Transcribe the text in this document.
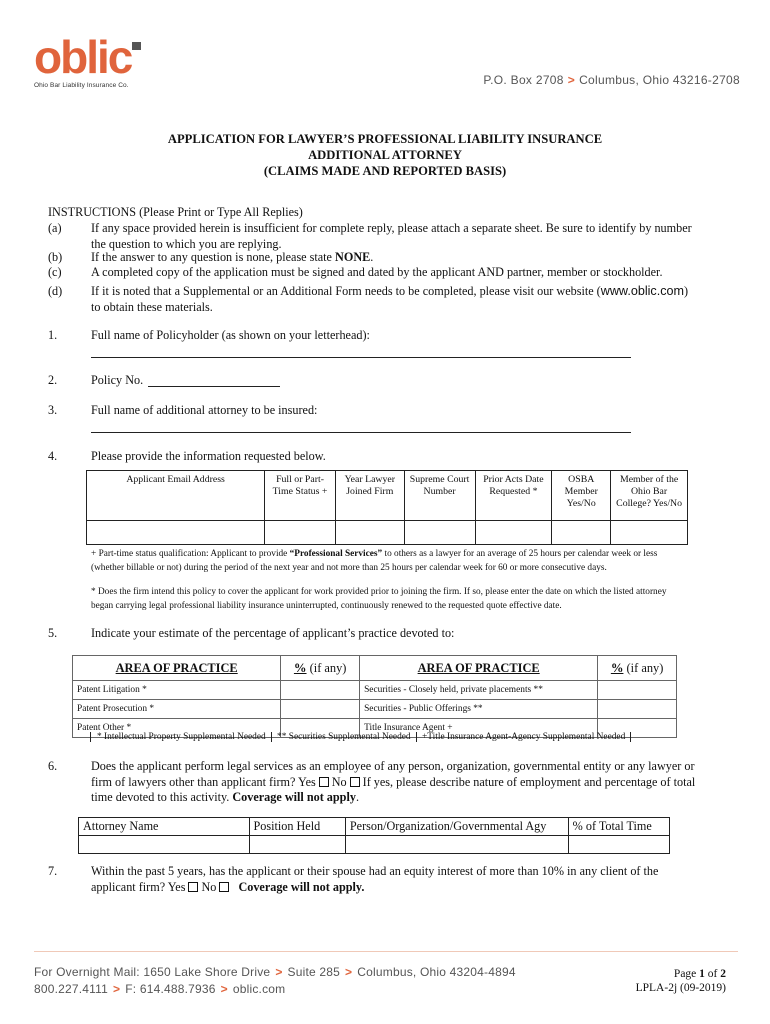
oblic
Ohio Bar Liability Insurance Co.	P.O. Box 2708 > Columbus, Ohio 43216-2708
APPLICATION FOR LAWYER’S PROFESSIONAL LIABILITY INSURANCE
ADDITIONAL ATTORNEY
(CLAIMS MADE AND REPORTED BASIS)
INSTRUCTIONS (Please Print or Type All Replies)
(a) If any space provided herein is insufficient for complete reply, please attach a separate sheet. Be sure to identify by number
the question to which you are replying.
(b) If the answer to any question is none, please state NONE.
(c) A completed copy of the application must be signed and dated by the applicant AND partner, member or stockholder.
(d) If it is noted that a Supplemental or an Additional Form needs to be completed, please visit our website (www.oblic.com)
to obtain these materials.
1.	Full name of Policyholder (as shown on your letterhead):
2.	Policy No.
3.	Full name of additional attorney to be insured:
4.	Please provide the information requested below.
Applicant Email Address	Full or Part-Time Status +	Year Lawyer Joined Firm	Supreme Court Number	Prior Acts Date Requested *	OSBA Member Yes/No	Member of the Ohio Bar College? Yes/No

+ Part-time status qualification: Applicant to provide “Professional Services” to others as a lawyer for an average of 25 hours per calendar week or less
(whether billable or not) during the period of the next year and not more than 25 hours per calendar week for 60 or more consecutive days.
* Does the firm intend this policy to cover the applicant for work provided prior to joining the firm. If so, please enter the date on which the listed attorney
began carrying legal professional liability insurance uninterrupted, continuously renewed to the requested quote effective date.
5.	Indicate your estimate of the percentage of applicant’s practice devoted to:
AREA OF PRACTICE	% (if any)	AREA OF PRACTICE	% (if any)
Patent Litigation *		Securities - Closely held, private placements **	
Patent Prosecution *		Securities - Public Offerings **	
Patent Other *		Title Insurance Agent +	
* Intellectual Property Supplemental Needed ** Securities Supplemental Needed +Title Insurance Agent-Agency Supplemental Needed
6.	Does the applicant perform legal services as an employee of any person, organization, governmental entity or any lawyer or
firm of lawyers other than applicant firm? Yes No If yes, please describe nature of employment and percentage of total
time devoted to this activity. Coverage will not apply.
Attorney Name	Position Held	Person/Organization/Governmental Agy	% of Total Time

7.	Within the past 5 years, has the applicant or their spouse had an equity interest of more than 10% in any client of the
applicant firm? Yes No Coverage will not apply.
For Overnight Mail: 1650 Lake Shore Drive > Suite 285 > Columbus, Ohio 43204-4894
800.227.4111 > F: 614.488.7936 > oblic.com
Page 1 of 2
LPLA-2j (09-2019)
